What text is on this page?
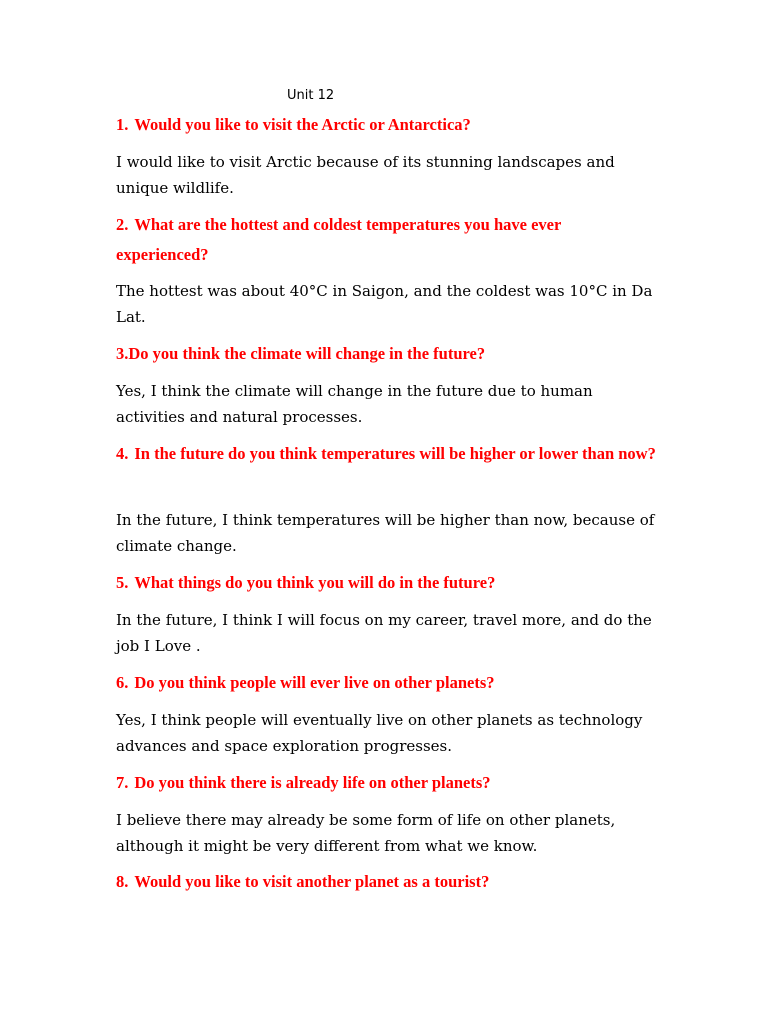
Unit 12
1. Would you like to visit the Arctic or Antarctica?
I would like to visit Arctic because of its stunning landscapes and unique wildlife.
2. What are the hottest and coldest temperatures you have ever experienced?
The hottest was about 40°C in Saigon, and the coldest was 10°C in Da Lat.
3.Do you think the climate will change in the future?
Yes, I think the climate will change in the future due to human activities and natural processes.
4. In the future do you think temperatures will be higher or lower than now?
In the future, I think temperatures will be higher than now, because of climate change.
5. What things do you think you will do in the future?
In the future, I think I will focus on my career, travel more, and do the job I Love .
6. Do you think people will ever live on other planets?
Yes, I think people will eventually live on other planets as technology advances and space exploration progresses.
7. Do you think there is already life on other planets?
I believe there may already be some form of life on other planets, although it might be very different from what we know.
8. Would you like to visit another planet as a tourist?
